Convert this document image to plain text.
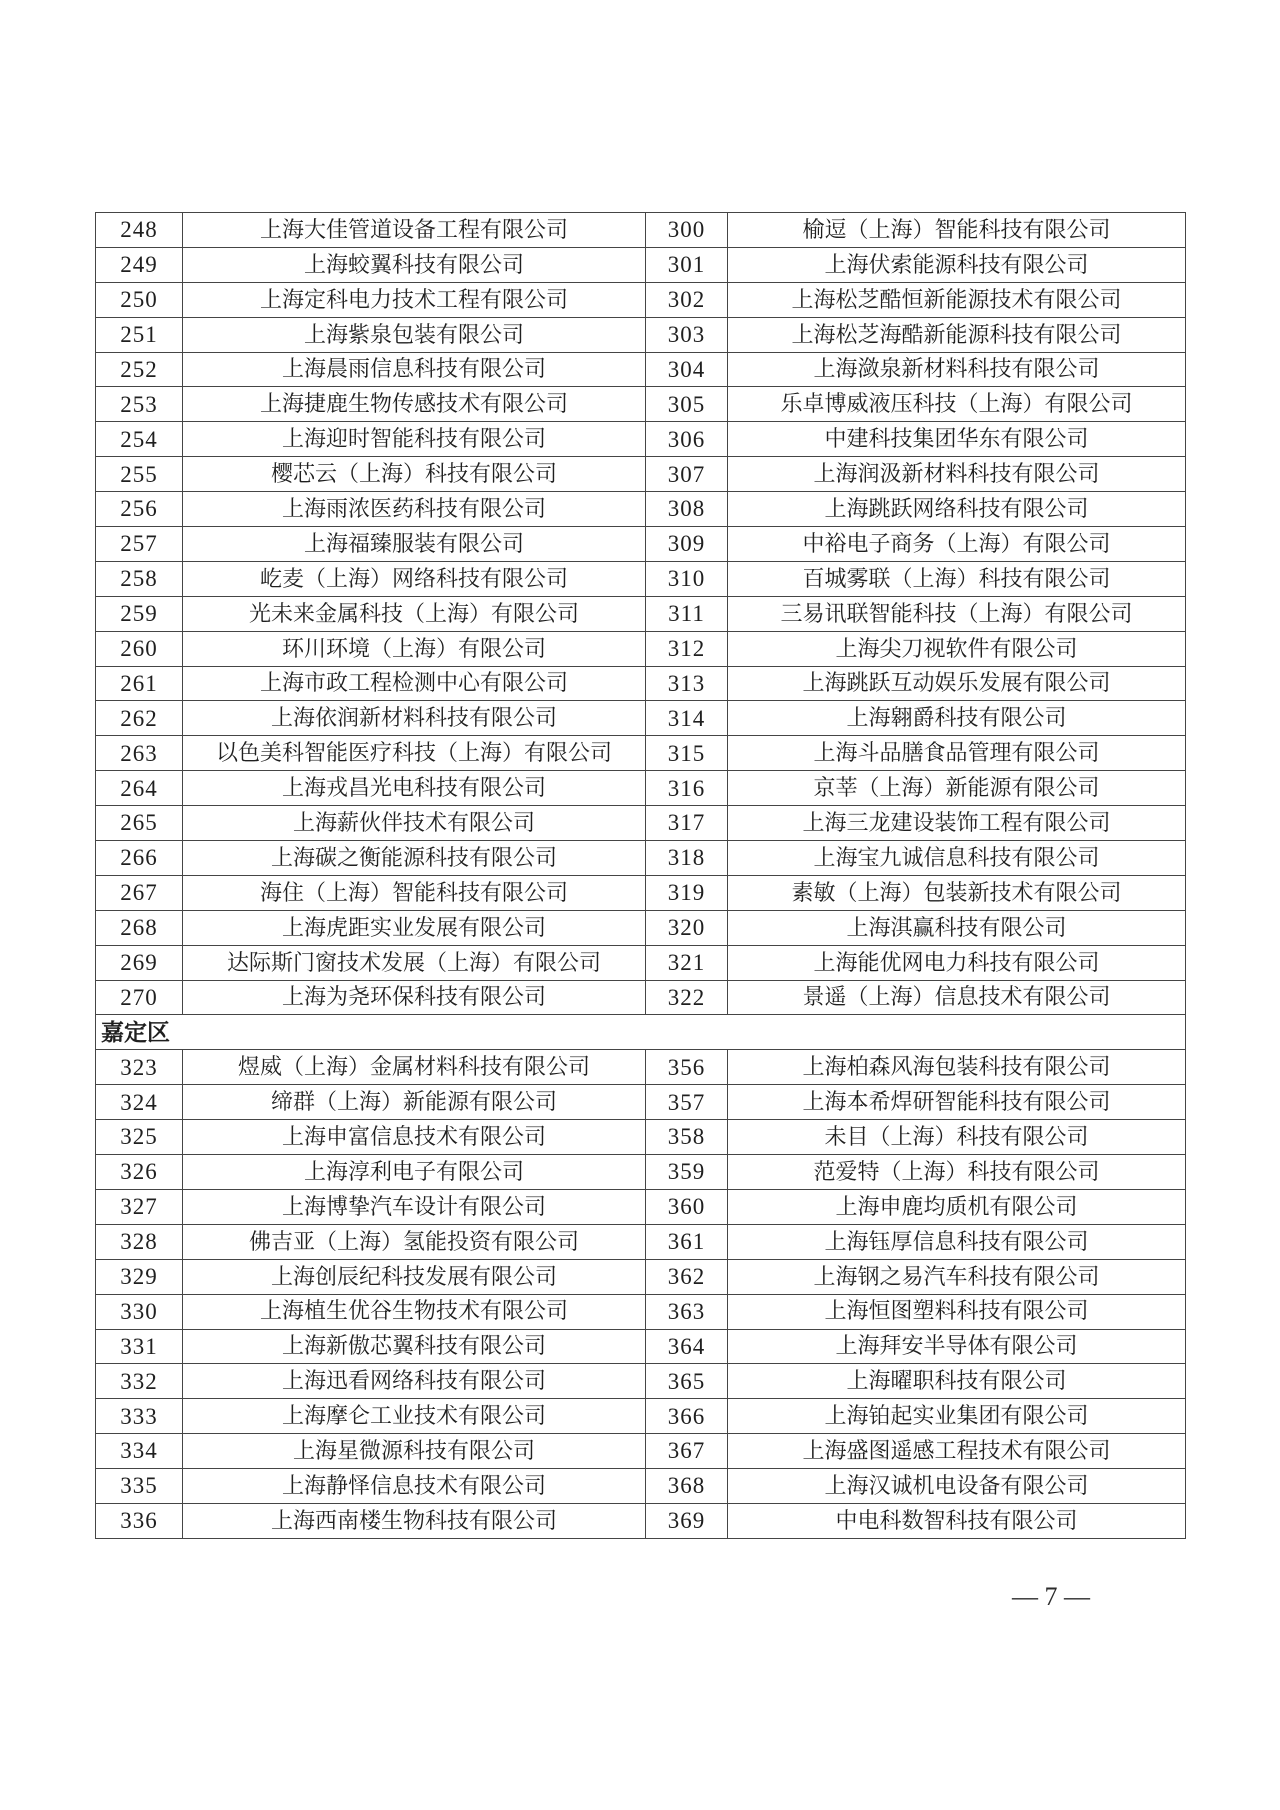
248	上海大佳管道设备工程有限公司	300	榆逗（上海）智能科技有限公司
249	上海蛟翼科技有限公司	301	上海伏索能源科技有限公司
250	上海定科电力技术工程有限公司	302	上海松芝酷恒新能源技术有限公司
251	上海紫泉包装有限公司	303	上海松芝海酷新能源科技有限公司
252	上海晨雨信息科技有限公司	304	上海潋泉新材料科技有限公司
253	上海捷鹿生物传感技术有限公司	305	乐卓博威液压科技（上海）有限公司
254	上海迎时智能科技有限公司	306	中建科技集团华东有限公司
255	樱芯云（上海）科技有限公司	307	上海润汲新材料科技有限公司
256	上海雨浓医药科技有限公司	308	上海跳跃网络科技有限公司
257	上海福臻服装有限公司	309	中裕电子商务（上海）有限公司
258	屹麦（上海）网络科技有限公司	310	百城雾联（上海）科技有限公司
259	光未来金属科技（上海）有限公司	311	三易讯联智能科技（上海）有限公司
260	环川环境（上海）有限公司	312	上海尖刀视软件有限公司
261	上海市政工程检测中心有限公司	313	上海跳跃互动娱乐发展有限公司
262	上海依润新材料科技有限公司	314	上海翱爵科技有限公司
263	以色美科智能医疗科技（上海）有限公司	315	上海斗品膳食品管理有限公司
264	上海戎昌光电科技有限公司	316	京莘（上海）新能源有限公司
265	上海薪伙伴技术有限公司	317	上海三龙建设装饰工程有限公司
266	上海碳之衡能源科技有限公司	318	上海宝九诚信息科技有限公司
267	海住（上海）智能科技有限公司	319	素敏（上海）包装新技术有限公司
268	上海虎距实业发展有限公司	320	上海淇赢科技有限公司
269	达际斯门窗技术发展（上海）有限公司	321	上海能优网电力科技有限公司
270	上海为尧环保科技有限公司	322	景遥（上海）信息技术有限公司
嘉定区			
323	煜威（上海）金属材料科技有限公司	356	上海柏森风海包装科技有限公司
324	缔群（上海）新能源有限公司	357	上海本希焊研智能科技有限公司
325	上海申富信息技术有限公司	358	未目（上海）科技有限公司
326	上海淳利电子有限公司	359	范爱特（上海）科技有限公司
327	上海博挚汽车设计有限公司	360	上海申鹿均质机有限公司
328	佛吉亚（上海）氢能投资有限公司	361	上海钰厚信息科技有限公司
329	上海创辰纪科技发展有限公司	362	上海钢之易汽车科技有限公司
330	上海植生优谷生物技术有限公司	363	上海恒图塑料科技有限公司
331	上海新傲芯翼科技有限公司	364	上海拜安半导体有限公司
332	上海迅看网络科技有限公司	365	上海曜职科技有限公司
333	上海摩仑工业技术有限公司	366	上海铂起实业集团有限公司
334	上海星微源科技有限公司	367	上海盛图遥感工程技术有限公司
335	上海静怿信息技术有限公司	368	上海汉诚机电设备有限公司
336	上海西南楼生物科技有限公司	369	中电科数智科技有限公司
— 7 —
